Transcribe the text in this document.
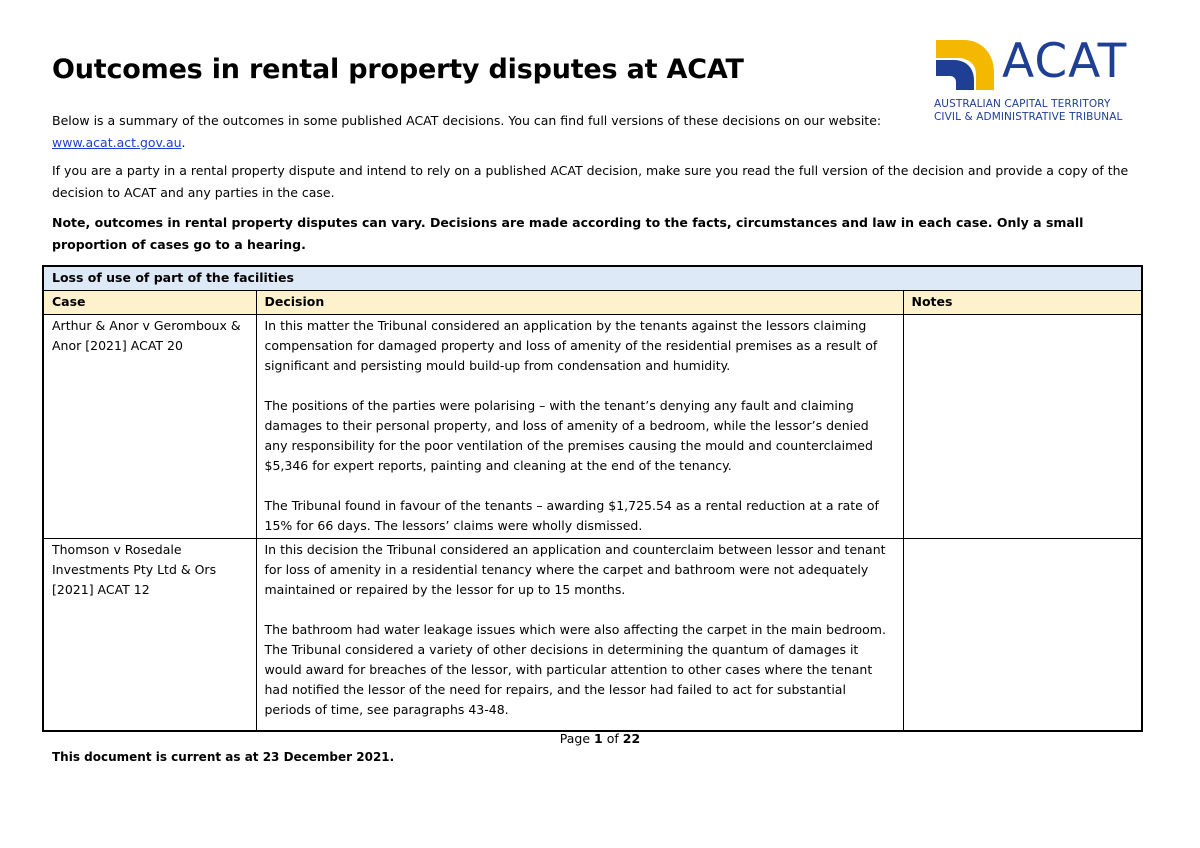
Outcomes in rental property disputes at ACAT	ACAT
AUSTRALIAN CAPITAL TERRITORY
CIVIL & ADMINISTRATIVE TRIBUNAL

Below is a summary of the outcomes in some published ACAT decisions. You can find full versions of these decisions on our website: www.acat.act.gov.au.

If you are a party in a rental property dispute and intend to rely on a published ACAT decision, make sure you read the full version of the decision and provide a copy of the decision to ACAT and any parties in the case.

Note, outcomes in rental property disputes can vary. Decisions are made according to the facts, circumstances and law in each case. Only a small proportion of cases go to a hearing.

Loss of use of part of the facilities		
Case	Decision	Notes
Arthur & Anor v Geromboux & Anor [2021] ACAT 20	In this matter the Tribunal considered an application by the tenants against the lessors claiming compensation for damaged property and loss of amenity of the residential premises as a result of significant and persisting mould build-up from condensation and humidity.

The positions of the parties were polarising – with the tenant’s denying any fault and claiming damages to their personal property, and loss of amenity of a bedroom, while the lessor’s denied any responsibility for the poor ventilation of the premises causing the mould and counterclaimed $5,346 for expert reports, painting and cleaning at the end of the tenancy.

The Tribunal found in favour of the tenants – awarding $1,725.54 as a rental reduction at a rate of 15% for 66 days. The lessors’ claims were wholly dismissed.	

Thomson v Rosedale Investments Pty Ltd & Ors [2021] ACAT 12	In this decision the Tribunal considered an application and counterclaim between lessor and tenant for loss of amenity in a residential tenancy where the carpet and bathroom were not adequately maintained or repaired by the lessor for up to 15 months.

The bathroom had water leakage issues which were also affecting the carpet in the main bedroom. The Tribunal considered a variety of other decisions in determining the quantum of damages it would award for breaches of the lessor, with particular attention to other cases where the tenant had notified the lessor of the need for repairs, and the lessor had failed to act for substantial periods of time, see paragraphs 43-48.	

Page 1 of 22
This document is current as at 23 December 2021.
